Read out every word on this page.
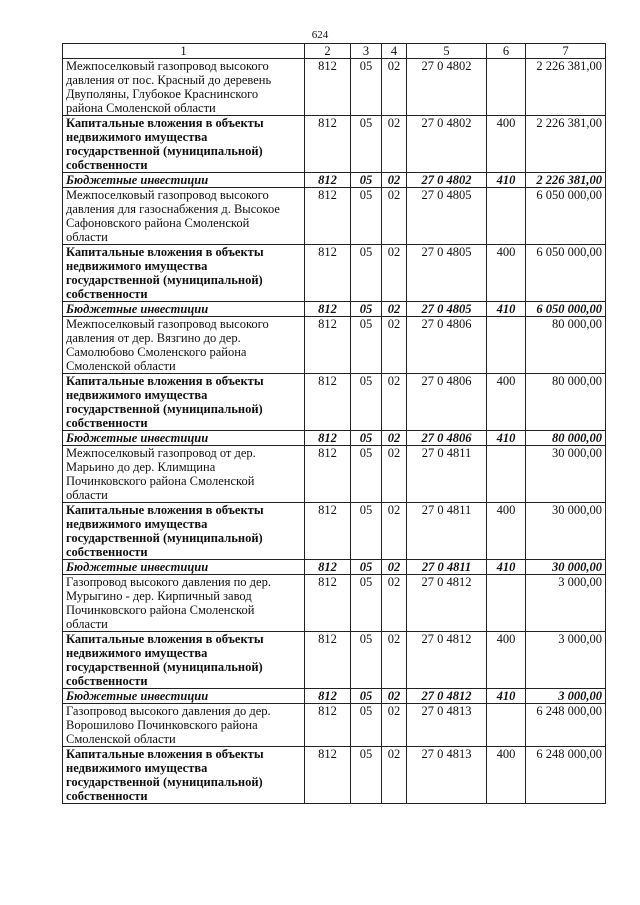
624
1	2	3	4	5	6	7

Межпоселковый газопровод высокого
давления от пос. Красный до деревень
Двуполяны, Глубокое Краснинского
района Смоленской области	812	05	02	27 0 4802		2 226 381,00

Капитальные вложения в объекты
недвижимого имущества
государственной (муниципальной)
собственности	812	05	02	27 0 4802	400	2 226 381,00

Бюджетные инвестиции	812	05	02	27 0 4802	410	2 226 381,00

Межпоселковый газопровод высокого
давления для газоснабжения д. Высокое
Сафоновского района Смоленской
области	812	05	02	27 0 4805		6 050 000,00

Капитальные вложения в объекты
недвижимого имущества
государственной (муниципальной)
собственности	812	05	02	27 0 4805	400	6 050 000,00

Бюджетные инвестиции	812	05	02	27 0 4805	410	6 050 000,00

Межпоселковый газопровод высокого
давления от дер. Вязгино до дер.
Самолюбово Смоленского района
Смоленской области	812	05	02	27 0 4806		80 000,00

Капитальные вложения в объекты
недвижимого имущества
государственной (муниципальной)
собственности	812	05	02	27 0 4806	400	80 000,00

Бюджетные инвестиции	812	05	02	27 0 4806	410	80 000,00

Межпоселковый газопровод от дер.
Марьино до дер. Климщина
Починковского района Смоленской
области	812	05	02	27 0 4811		30 000,00

Капитальные вложения в объекты
недвижимого имущества
государственной (муниципальной)
собственности	812	05	02	27 0 4811	400	30 000,00

Бюджетные инвестиции	812	05	02	27 0 4811	410	30 000,00

Газопровод высокого давления по дер.
Мурыгино - дер. Кирпичный завод
Починковского района Смоленской
области	812	05	02	27 0 4812		3 000,00

Капитальные вложения в объекты
недвижимого имущества
государственной (муниципальной)
собственности	812	05	02	27 0 4812	400	3 000,00

Бюджетные инвестиции	812	05	02	27 0 4812	410	3 000,00

Газопровод высокого давления до дер.
Ворошилово Починковского района
Смоленской области	812	05	02	27 0 4813		6 248 000,00

Капитальные вложения в объекты
недвижимого имущества
государственной (муниципальной)
собственности	812	05	02	27 0 4813	400	6 248 000,00
